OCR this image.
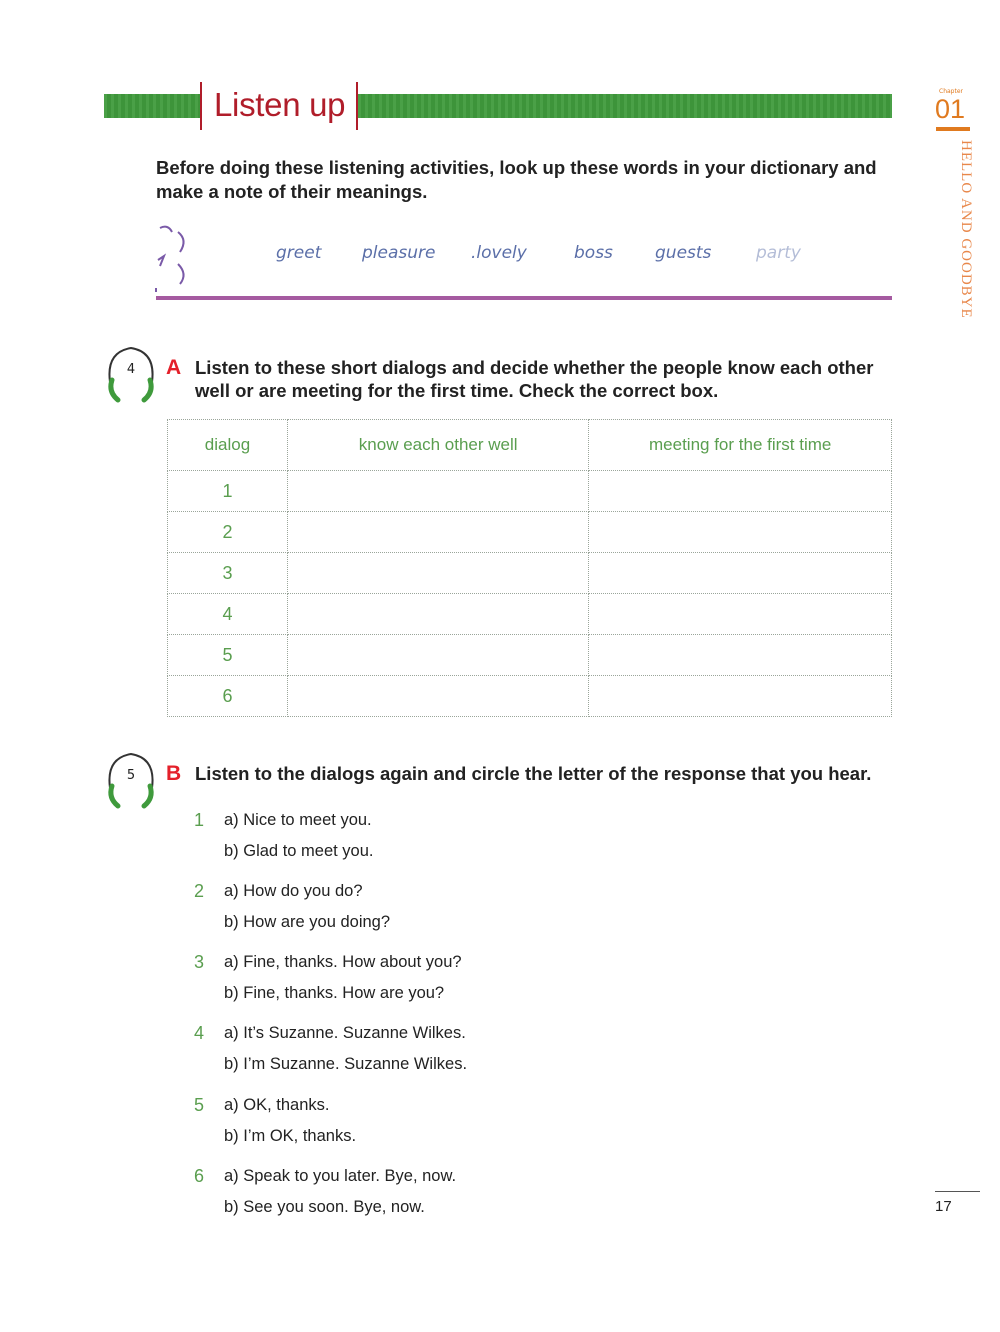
Listen up	Chapter
01
HELLO AND GOODBYE
Before doing these listening activities, look up these words in your dictionary and make a note of their meanings.
greet pleasure .lovely	boss guests	party
4 A Listen to these short dialogs and decide whether the people know each other well or are meeting for the first time. Check the correct box.
dialog	know each other well	meeting for the first time
1		
2		
3		
4		
5		
6		
5 B Listen to the dialogs again and circle the letter of the response that you hear.
1 a) Nice to meet you.
b) Glad to meet you.
2 a) How do you do?
b) How are you doing?
3 a) Fine, thanks. How about you?
b) Fine, thanks. How are you?
4 a) It’s Suzanne. Suzanne Wilkes.
b) I’m Suzanne. Suzanne Wilkes.
5 a) OK, thanks.
b) I’m OK, thanks.
6 a) Speak to you later. Bye, now.
b) See you soon. Bye, now.	17
